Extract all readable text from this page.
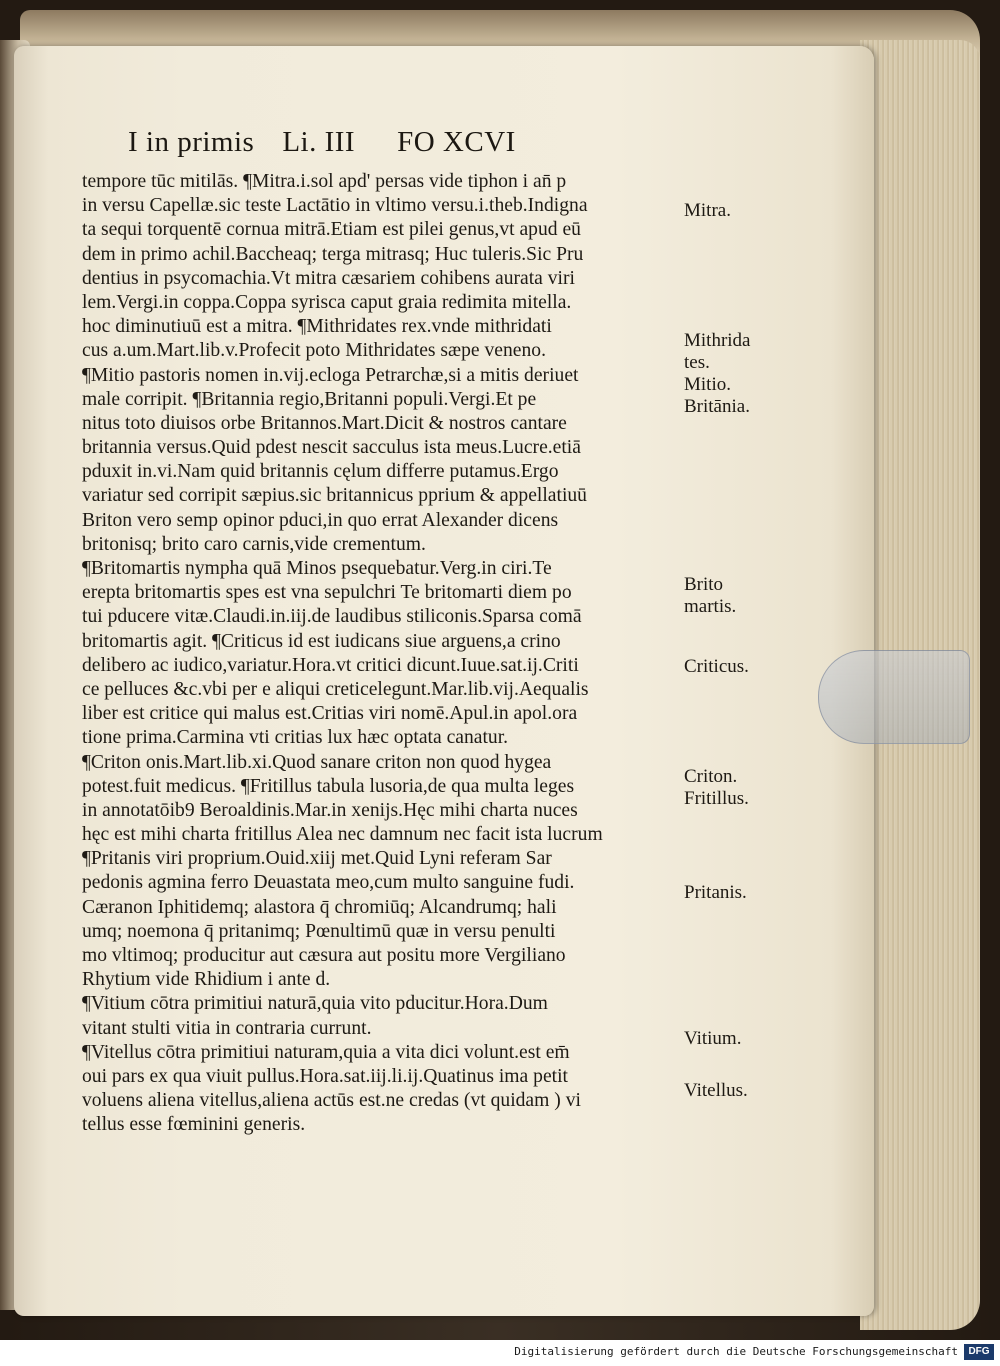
I in primis Li. III FO XCVI
tempore tūc mitilās. ¶Mitra.i.sol apd' persas vide tiphon i an̄ p
in versu Capellæ.sic teste Lactātio in vltimo versu.i.theb.Indigna
ta sequi torquentē cornua mitrā.Etiam est pilei genus,vt apud eū
dem in primo achil.Baccheaq; terga mitrasq; Huc tuleris.Sic Pru
dentius in psycomachia.Vt mitra cæsariem cohibens aurata viri
lem.Vergi.in coppa.Coppa syrisca caput graia redimita mitella.
hoc diminutiuū est a mitra. ¶Mithridates rex.vnde mithridati
cus a.um.Mart.lib.v.Profecit poto Mithridates sæpe veneno.
¶Mitio pastoris nomen in.vij.ecloga Petrarchæ,si a mitis deriuet
male corripit. ¶Britannia regio,Britanni populi.Vergi.Et pe
nitus toto diuisos orbe Britannos.Mart.Dicit & nostros cantare
britannia versus.Quid pdest nescit sacculus ista meus.Lucre.etiā
pduxit in.vi.Nam quid britannis cęlum differre putamus.Ergo
variatur sed corripit sæpius.sic britannicus pprium & appellatiuū
Briton vero semp opinor pduci,in quo errat Alexander dicens
britonisq; brito caro carnis,vide crementum.
¶Britomartis nympha quā Minos psequebatur.Verg.in ciri.Te
erepta britomartis spes est vna sepulchri Te britomarti diem po
tui pducere vitæ.Claudi.in.iij.de laudibus stiliconis.Sparsa comā
britomartis agit. ¶Criticus id est iudicans siue arguens,a crino
delibero ac iudico,variatur.Hora.vt critici dicunt.Iuue.sat.ij.Criti
ce pelluces &c.vbi per e aliqui creticelegunt.Mar.lib.vij.Aequalis
liber est critice qui malus est.Critias viri nomē.Apul.in apol.ora
tione prima.Carmina vti critias lux hæc optata canatur.
¶Criton onis.Mart.lib.xi.Quod sanare criton non quod hygea
potest.fuit medicus. ¶Fritillus tabula lusoria,de qua multa leges
in annotatōib9 Beroaldinis.Mar.in xenijs.Hęc mihi charta nuces
hęc est mihi charta fritillus Alea nec damnum nec facit ista lucrum
¶Pritanis viri proprium.Ouid.xiij met.Quid Lyni referam Sar
pedonis agmina ferro Deuastata meo,cum multo sanguine fudi.
Cæranon Iphitidemq; alastora q̄ chromiūq; Alcandrumq; hali
umq; noemona q̄ pritanimq; Pœnultimū quæ in versu penulti
mo vltimoq; producitur aut cæsura aut positu more Vergiliano
Rhytium vide Rhidium i ante d.
¶Vitium cōtra primitiui naturā,quia vito pducitur.Hora.Dum
vitant stulti vitia in contraria currunt.
¶Vitellus cōtra primitiui naturam,quia a vita dici volunt.est em̄
oui pars ex qua viuit pullus.Hora.sat.iij.li.ij.Quatinus ima petit
voluens aliena vitellus,aliena actūs est.ne credas (vt quidam ) vi
tellus esse fœminini generis.
Mitra.
Mithrida
tes.
Mitio.
Britānia.
Brito
martis.
Criticus.
Criton.
Fritillus.
Pritanis.
Vitium.
Vitellus.
Digitalisierung gefördert durch die Deutsche Forschungsgemeinschaft	DFG
